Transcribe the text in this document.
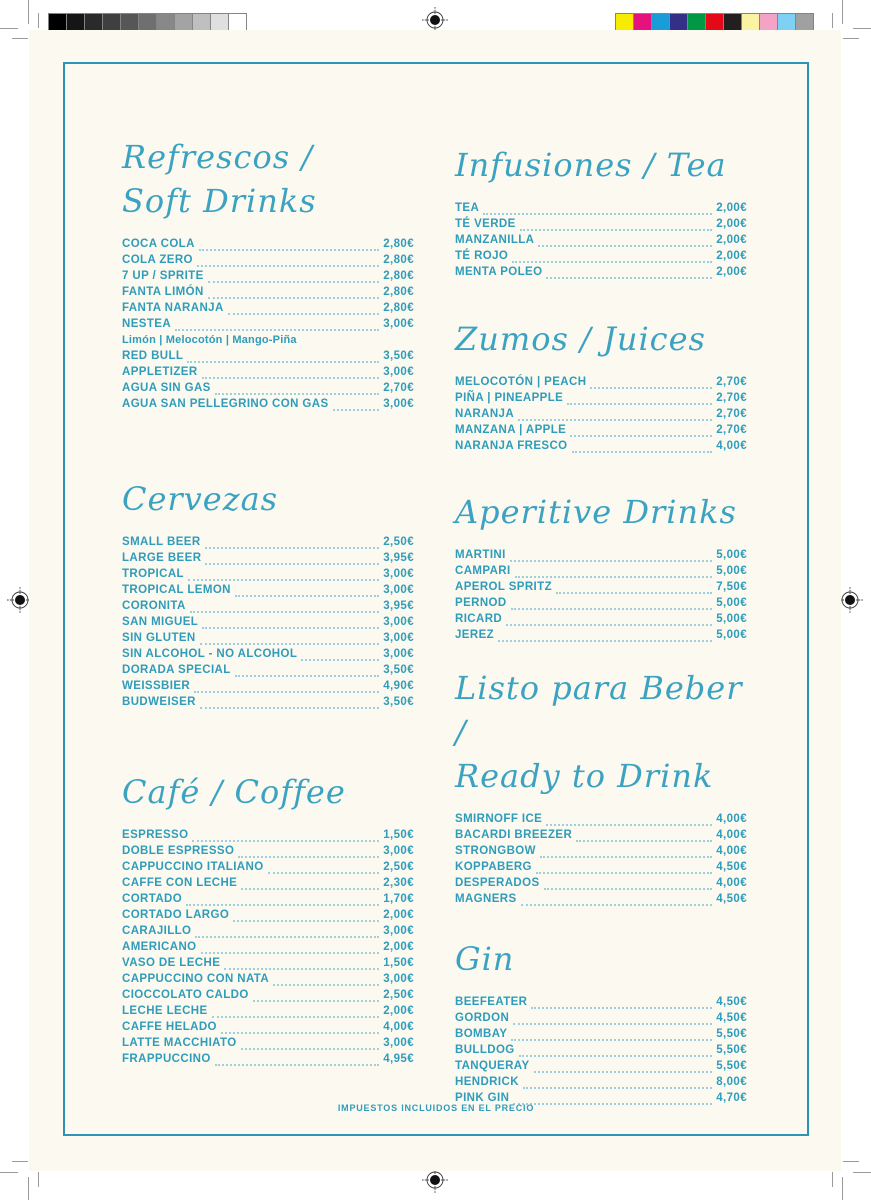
Refrescos /
Soft Drinks
COCA COLA	2,80€
COLA ZERO	2,80€
7 UP / SPRITE	2,80€
FANTA LIMÓN	2,80€
FANTA NARANJA	2,80€
NESTEA	3,00€
Limón | Melocotón | Mango-Piña
RED BULL	3,50€
APPLETIZER	3,00€
AGUA SIN GAS	2,70€
AGUA SAN PELLEGRINO CON GAS	3,00€
Cervezas
SMALL BEER	2,50€
LARGE BEER	3,95€
TROPICAL	3,00€
TROPICAL LEMON	3,00€
CORONITA	3,95€
SAN MIGUEL	3,00€
SIN GLUTEN	3,00€
SIN ALCOHOL - NO ALCOHOL	3,00€
DORADA SPECIAL	3,50€
WEISSBIER	4,90€
BUDWEISER	3,50€
Café / Coffee
ESPRESSO	1,50€
DOBLE ESPRESSO	3,00€
CAPPUCCINO ITALIANO	2,50€
CAFFE CON LECHE	2,30€
CORTADO	1,70€
CORTADO LARGO	2,00€
CARAJILLO	3,00€
AMERICANO	2,00€
VASO DE LECHE	1,50€
CAPPUCCINO CON NATA	3,00€
CIOCCOLATO CALDO	2,50€
LECHE LECHE	2,00€
CAFFE HELADO	4,00€
LATTE MACCHIATO	3,00€
FRAPPUCCINO	4,95€
Infusiones / Tea
TEA	2,00€
TÉ VERDE	2,00€
MANZANILLA	2,00€
TÉ ROJO	2,00€
MENTA POLEO	2,00€
Zumos / Juices
MELOCOTÓN | PEACH	2,70€
PIÑA | PINEAPPLE	2,70€
NARANJA	2,70€
MANZANA | APPLE	2,70€
NARANJA FRESCO	4,00€
Aperitive Drinks
MARTINI	5,00€
CAMPARI	5,00€
APEROL SPRITZ	7,50€
PERNOD	5,00€
RICARD	5,00€
JEREZ	5,00€
Listo para Beber /
Ready to Drink
SMIRNOFF ICE	4,00€
BACARDI BREEZER	4,00€
STRONGBOW	4,00€
KOPPABERG	4,50€
DESPERADOS	4,00€
MAGNERS	4,50€
Gin
BEEFEATER	4,50€
GORDON	4,50€
BOMBAY	5,50€
BULLDOG	5,50€
TANQUERAY	5,50€
HENDRICK	8,00€
PINK GIN	4,70€
IMPUESTOS INCLUIDOS EN EL PRECIO
